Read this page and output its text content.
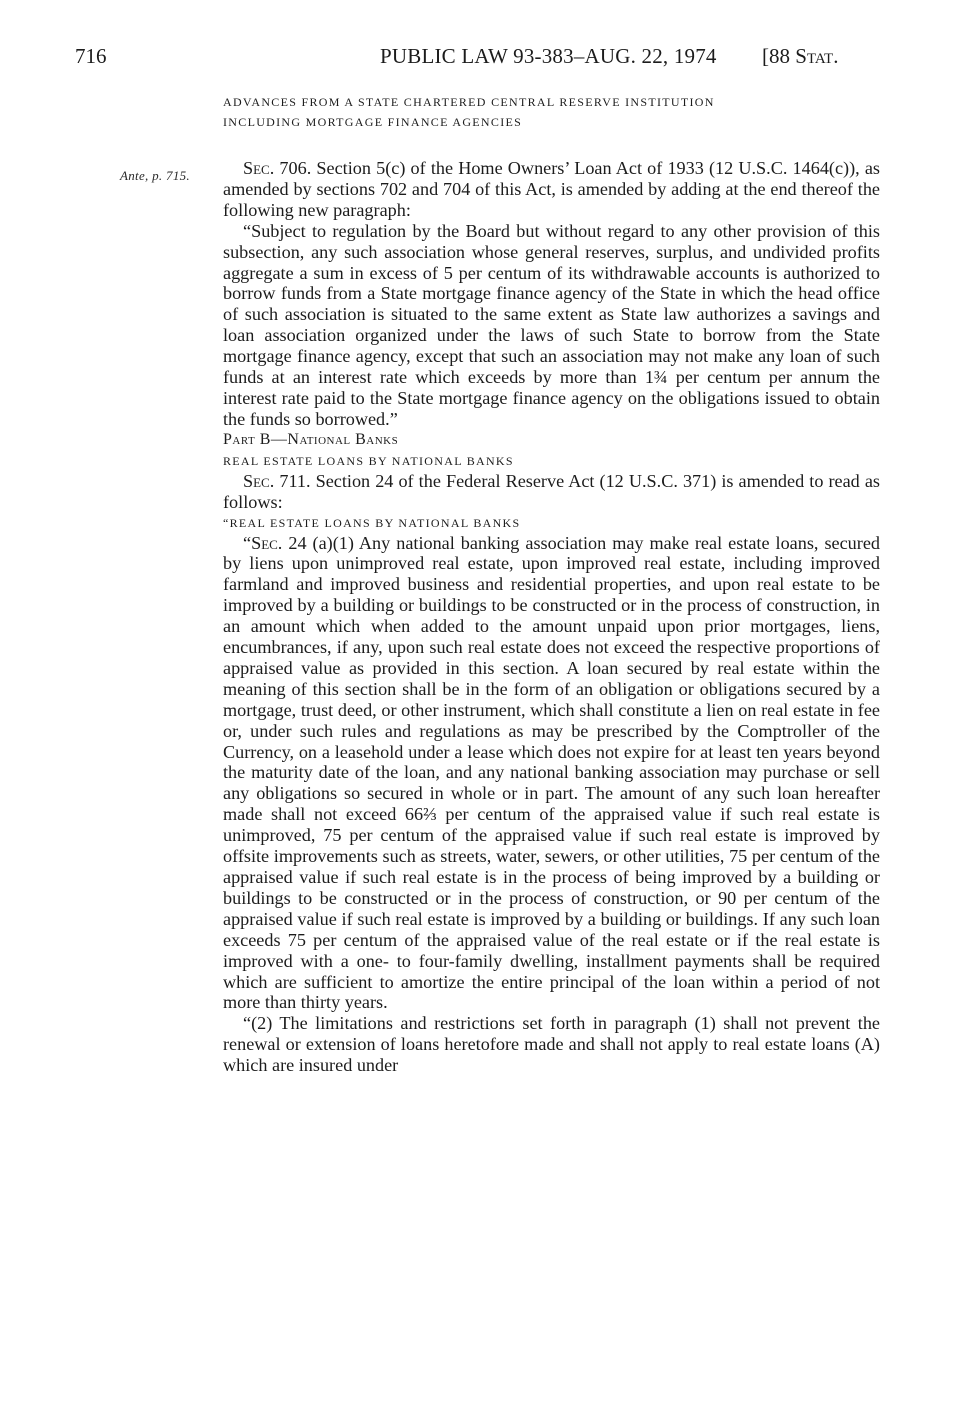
716	PUBLIC LAW 93-383–AUG. 22, 1974 [88 Stat.
Ante, p. 715.

ADVANCES FROM A STATE CHARTERED CENTRAL RESERVE INSTITUTION

INCLUDING MORTGAGE FINANCE AGENCIES

Sec. 706. Section 5(c) of the Home Owners’ Loan Act of 1933 (12 U.S.C. 1464(c)), as amended by sections 702 and 704 of this Act, is amended by adding at the end thereof the following new paragraph:

“Subject to regulation by the Board but without regard to any other provision of this subsection, any such association whose general reserves, surplus, and undivided profits aggregate a sum in excess of 5 per centum of its withdrawable accounts is authorized to borrow funds from a State mortgage finance agency of the State in which the head office of such association is situated to the same extent as State law authorizes a savings and loan association organized under the laws of such State to borrow from the State mortgage finance agency, except that such an association may not make any loan of such funds at an interest rate which exceeds by more than 1¾ per centum per annum the interest rate paid to the State mortgage finance agency on the obligations issued to obtain the funds so borrowed.”

Part B—National Banks

REAL ESTATE LOANS BY NATIONAL BANKS

Sec. 711. Section 24 of the Federal Reserve Act (12 U.S.C. 371) is amended to read as follows:

“REAL ESTATE LOANS BY NATIONAL BANKS

“Sec. 24 (a)(1) Any national banking association may make real estate loans, secured by liens upon unimproved real estate, upon improved real estate, including improved farmland and improved business and residential properties, and upon real estate to be improved by a building or buildings to be constructed or in the process of construction, in an amount which when added to the amount unpaid upon prior mortgages, liens, encumbrances, if any, upon such real estate does not exceed the respective proportions of appraised value as provided in this section. A loan secured by real estate within the meaning of this section shall be in the form of an obligation or obligations secured by a mortgage, trust deed, or other instrument, which shall constitute a lien on real estate in fee or, under such rules and regulations as may be prescribed by the Comptroller of the Currency, on a leasehold under a lease which does not expire for at least ten years beyond the maturity date of the loan, and any national banking association may purchase or sell any obligations so secured in whole or in part. The amount of any such loan hereafter made shall not exceed 66⅔ per centum of the appraised value if such real estate is unimproved, 75 per centum of the appraised value if such real estate is improved by offsite improvements such as streets, water, sewers, or other utilities, 75 per centum of the appraised value if such real estate is in the process of being improved by a building or buildings to be constructed or in the process of construction, or 90 per centum of the appraised value if such real estate is improved by a building or buildings. If any such loan exceeds 75 per centum of the appraised value of the real estate or if the real estate is improved with a one- to four-family dwelling, installment payments shall be required which are sufficient to amortize the entire principal of the loan within a period of not more than thirty years.

“(2) The limitations and restrictions set forth in paragraph (1) shall not prevent the renewal or extension of loans heretofore made and shall not apply to real estate loans (A) which are insured under
